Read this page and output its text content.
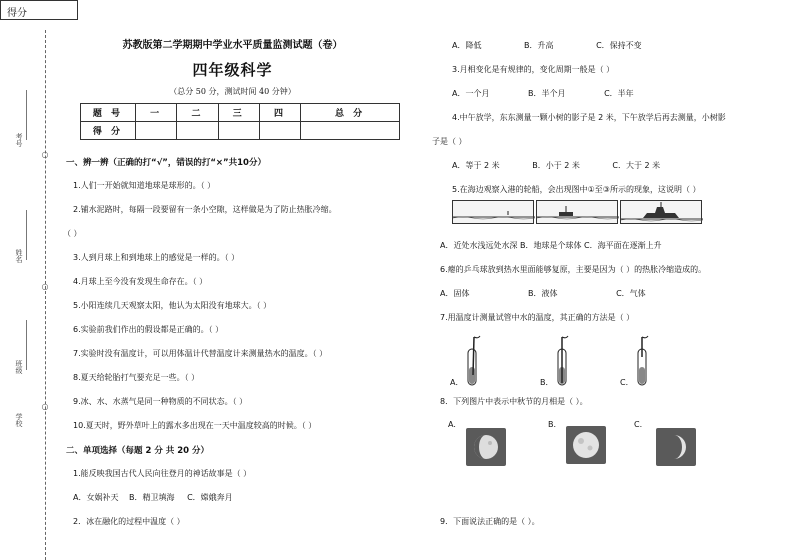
得分
○
○
○
考号
姓名
班级
学校
苏教版第二学期期中学业水平质量监测试题（卷）
四年级科学
（总分 50 分，测试时间 40 分钟）
题 号	一	二	三	四	总 分
得 分					
一、辨一辨（正确的打“√”，错误的打“×”共10分）
1.人们一开始就知道地球是球形的。（ ）
2.铺水泥路时，每隔一段要留有一条小空隙，这样做是为了防止热胀冷缩。
（ ）
3.人到月球上和到地球上的感觉是一样的。（ ）
4.月球上至今没有发现生命存在。（ ）
5.小阳连续几天观察太阳，他认为太阳没有地球大。（ ）
6.实验前我们作出的假设都是正确的。（ ）
7.实验时没有温度计，可以用体温计代替温度计来测量热水的温度。（ ）
8.夏天给轮胎打气要充足一些。（ ）
9.冰、水、水蒸气是同一种物质的不同状态。（ ）
10.夏天时，野外草叶上的露水多出现在一天中温度较高的时候。（ ）
二、单项选择（每题 2 分 共 20 分）
1.能反映我国古代人民向往登月的神话故事是（ ）
A．女娲补天 B．精卫填海 C．嫦娥奔月
2．冰在融化的过程中温度（ ）
A．降低	B．升高	C．保持不变
3.月相变化是有规律的，变化周期一般是（ ）
A．一个月	B．半个月	C．半年
4.中午放学，东东测量一颗小树的影子是 2 米，下午放学后再去测量，小树影
子是（ ）
A．等于 2 米	B．小于 2 米	C．大于 2 米
5.在海边观察入港的轮船，会出现图中①至③所示的现象，这说明（ ）
A．近处水浅远处水深 B．地球是个球体 C．海平面在逐渐上升
6.瘪的乒乓球放到热水里面能够复原，主要是因为（ ）的热胀冷缩造成的。
A．固体	B．液体	C．气体
7.用温度计测量试管中水的温度，其正确的方法是（ ）
A．	B．	C．
8．下列图片中表示中秋节的月相是（ ）。
A.	B.	C.
9．下面说法正确的是（ ）。
